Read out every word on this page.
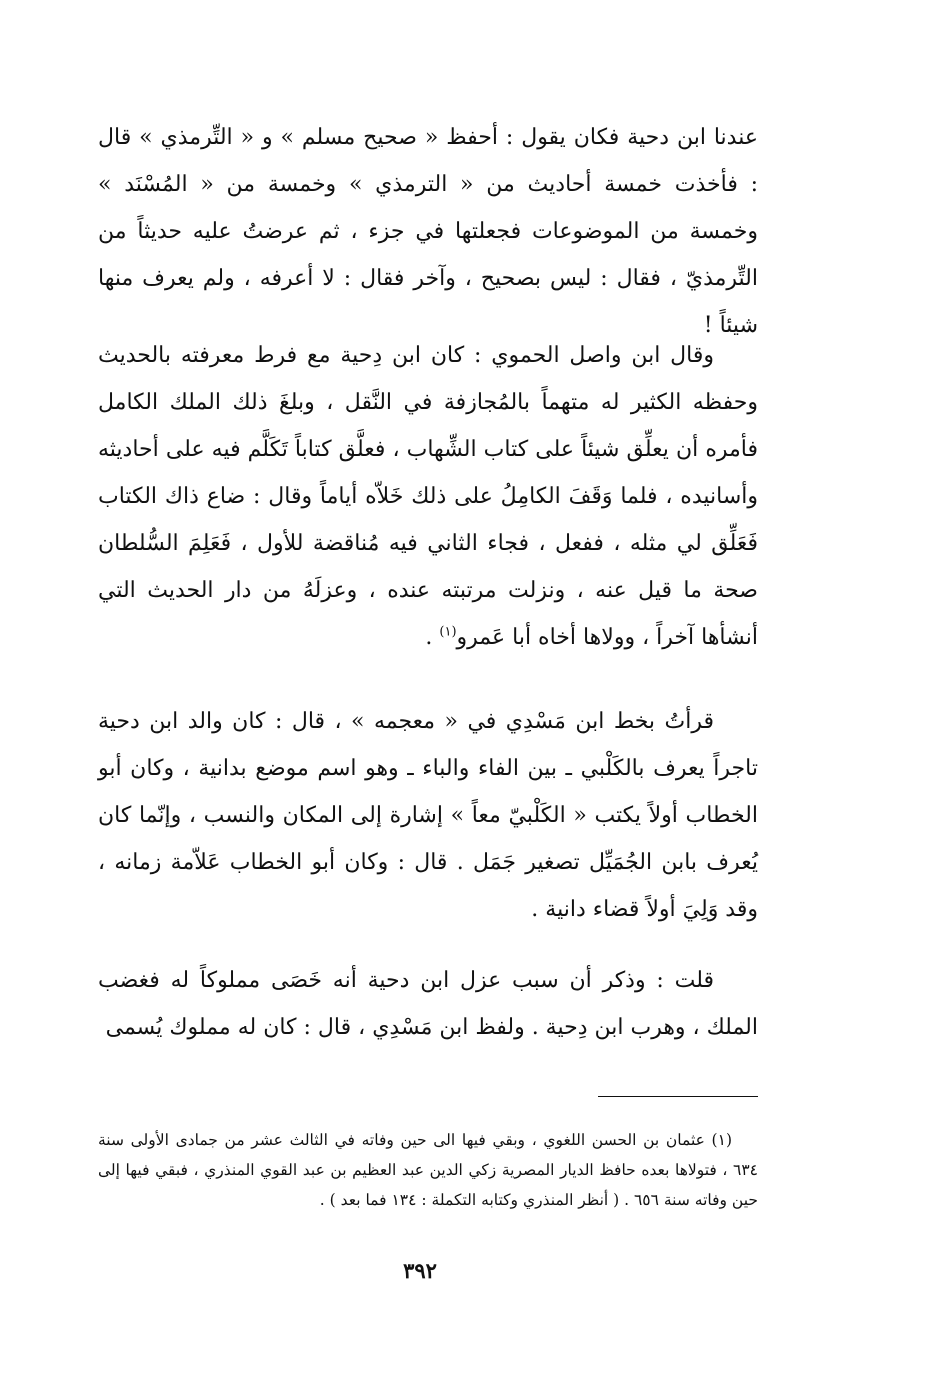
عندنا ابن دحية فكان يقول : أحفظ « صحيح مسلم » و « التِّرمذي » قال : فأخذت خمسة أحاديث من « الترمذي » وخمسة من « المُسْنَد » وخمسة من الموضوعات فجعلتها في جزء ، ثم عرضتُ عليه حديثاً من التِّرمذيّ ، فقال : ليس بصحيح ، وآخر فقال : لا أعرفه ، ولم يعرف منها شيئاً !

وقال ابن واصل الحموي : كان ابن دِحية مع فرط معرفته بالحديث وحفظه الكثير له متهماً بالمُجازفة في النَّقل ، وبلغَ ذلك الملك الكامل فأمره أن يعلِّق شيئاً على كتاب الشِّهاب ، فعلَّق كتاباً تَكَلَّم فيه على أحاديثه وأسانيده ، فلما وَقَفَ الكامِلُ على ذلك خَلاّه أياماً وقال : ضاع ذاك الكتاب فَعَلِّق لي مثله ، ففعل ، فجاء الثاني فيه مُناقضة للأول ، فَعَلِمَ السُّلطان صحة ما قيل عنه ، ونزلت مرتبته عنده ، وعزلَهُ من دار الحديث التي أنشأها آخراً ، وولاها أخاه أبا عَمرو$^{(١)}$ .

قرأتُ بخط ابن مَسْدِي في « معجمه » ، قال : كان والد ابن دحية تاجراً يعرف بالكَلْبي ـ بين الفاء والباء ـ وهو اسم موضع بدانية ، وكان أبو الخطاب أولاً يكتب « الكَلْبيّ معاً » إشارة إلى المكان والنسب ، وإنّما كان يُعرف بابن الجُمَيِّل تصغير جَمَل . قال : وكان أبو الخطاب عَلاّمة زمانه ، وقد وَلِيَ أولاً قضاء دانية .

قلت : وذكر أن سبب عزل ابن دحية أنه خَصَى مملوكاً له فغضب الملك ، وهرب ابن دِحية . ولفظ ابن مَسْدِي ، قال : كان له مملوك يُسمى

(١) عثمان بن الحسن اللغوي ، وبقي فيها الى حين وفاته في الثالث عشر من جمادى الأولى سنة ٦٣٤ ، فتولاها بعده حافظ الديار المصرية زكي الدين عبد العظيم بن عبد القوي المنذري ، فبقي فيها إلى حين وفاته سنة ٦٥٦ . ( أنظر المنذري وكتابه التكملة : ١٣٤ فما بعد ) .

٣٩٢
